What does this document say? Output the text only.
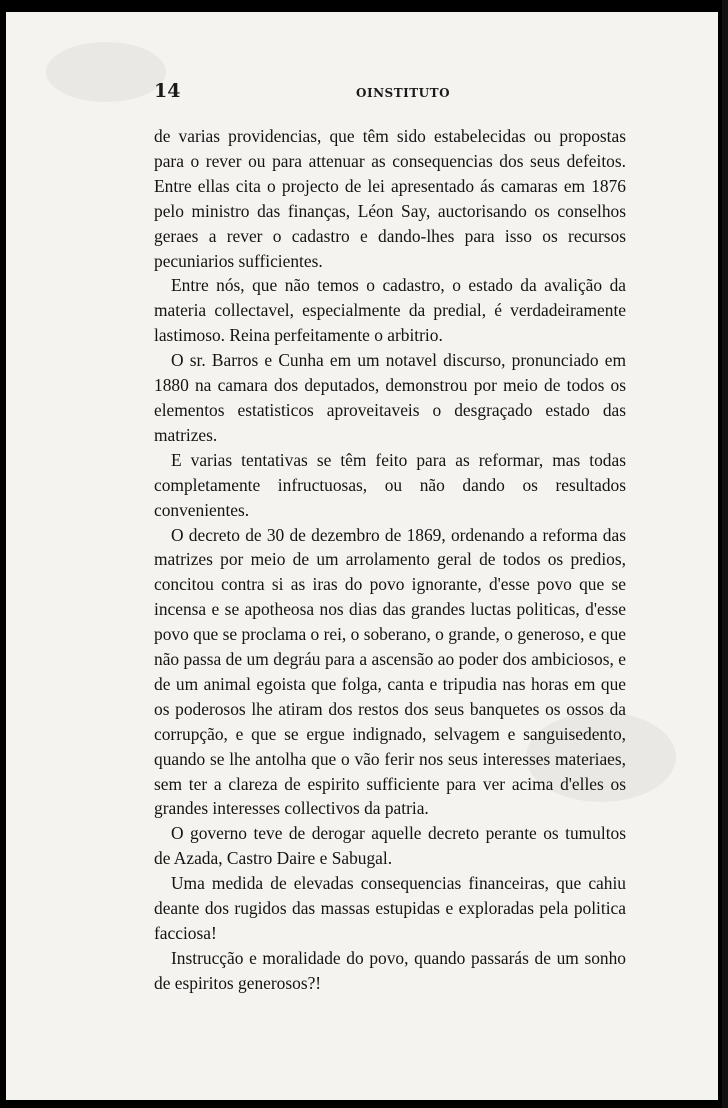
14	OINSTITUTO

de varias providencias, que têm sido estabelecidas ou propostas para o rever ou para attenuar as consequencias dos seus defeitos. Entre ellas cita o projecto de lei apresentado ás camaras em 1876 pelo ministro das finanças, Léon Say, auctorisando os conselhos geraes a rever o cadastro e dando-lhes para isso os recursos pecuniarios sufficientes.

Entre nós, que não temos o cadastro, o estado da avalição da materia collectavel, especialmente da predial, é verdadeiramente lastimoso. Reina perfeitamente o arbitrio.

O sr. Barros e Cunha em um notavel discurso, pronunciado em 1880 na camara dos deputados, demonstrou por meio de todos os elementos estatisticos aproveitaveis o desgraçado estado das matrizes.

E varias tentativas se têm feito para as reformar, mas todas completamente infructuosas, ou não dando os resultados convenientes.

O decreto de 30 de dezembro de 1869, ordenando a reforma das matrizes por meio de um arrolamento geral de todos os predios, concitou contra si as iras do povo ignorante, d'esse povo que se incensa e se apotheosa nos dias das grandes luctas politicas, d'esse povo que se proclama o rei, o soberano, o grande, o generoso, e que não passa de um degráu para a ascensão ao poder dos ambiciosos, e de um animal egoista que folga, canta e tripudia nas horas em que os poderosos lhe atiram dos restos dos seus banquetes os ossos da corrupção, e que se ergue indignado, selvagem e sanguisedento, quando se lhe antolha que o vão ferir nos seus interesses materiaes, sem ter a clareza de espirito sufficiente para ver acima d'elles os grandes interesses collectivos da patria.

O governo teve de derogar aquelle decreto perante os tumultos de Azada, Castro Daire e Sabugal.

Uma medida de elevadas consequencias financeiras, que cahiu deante dos rugidos das massas estupidas e exploradas pela politica facciosa!

Instrucção e moralidade do povo, quando passarás de um sonho de espiritos generosos?!
